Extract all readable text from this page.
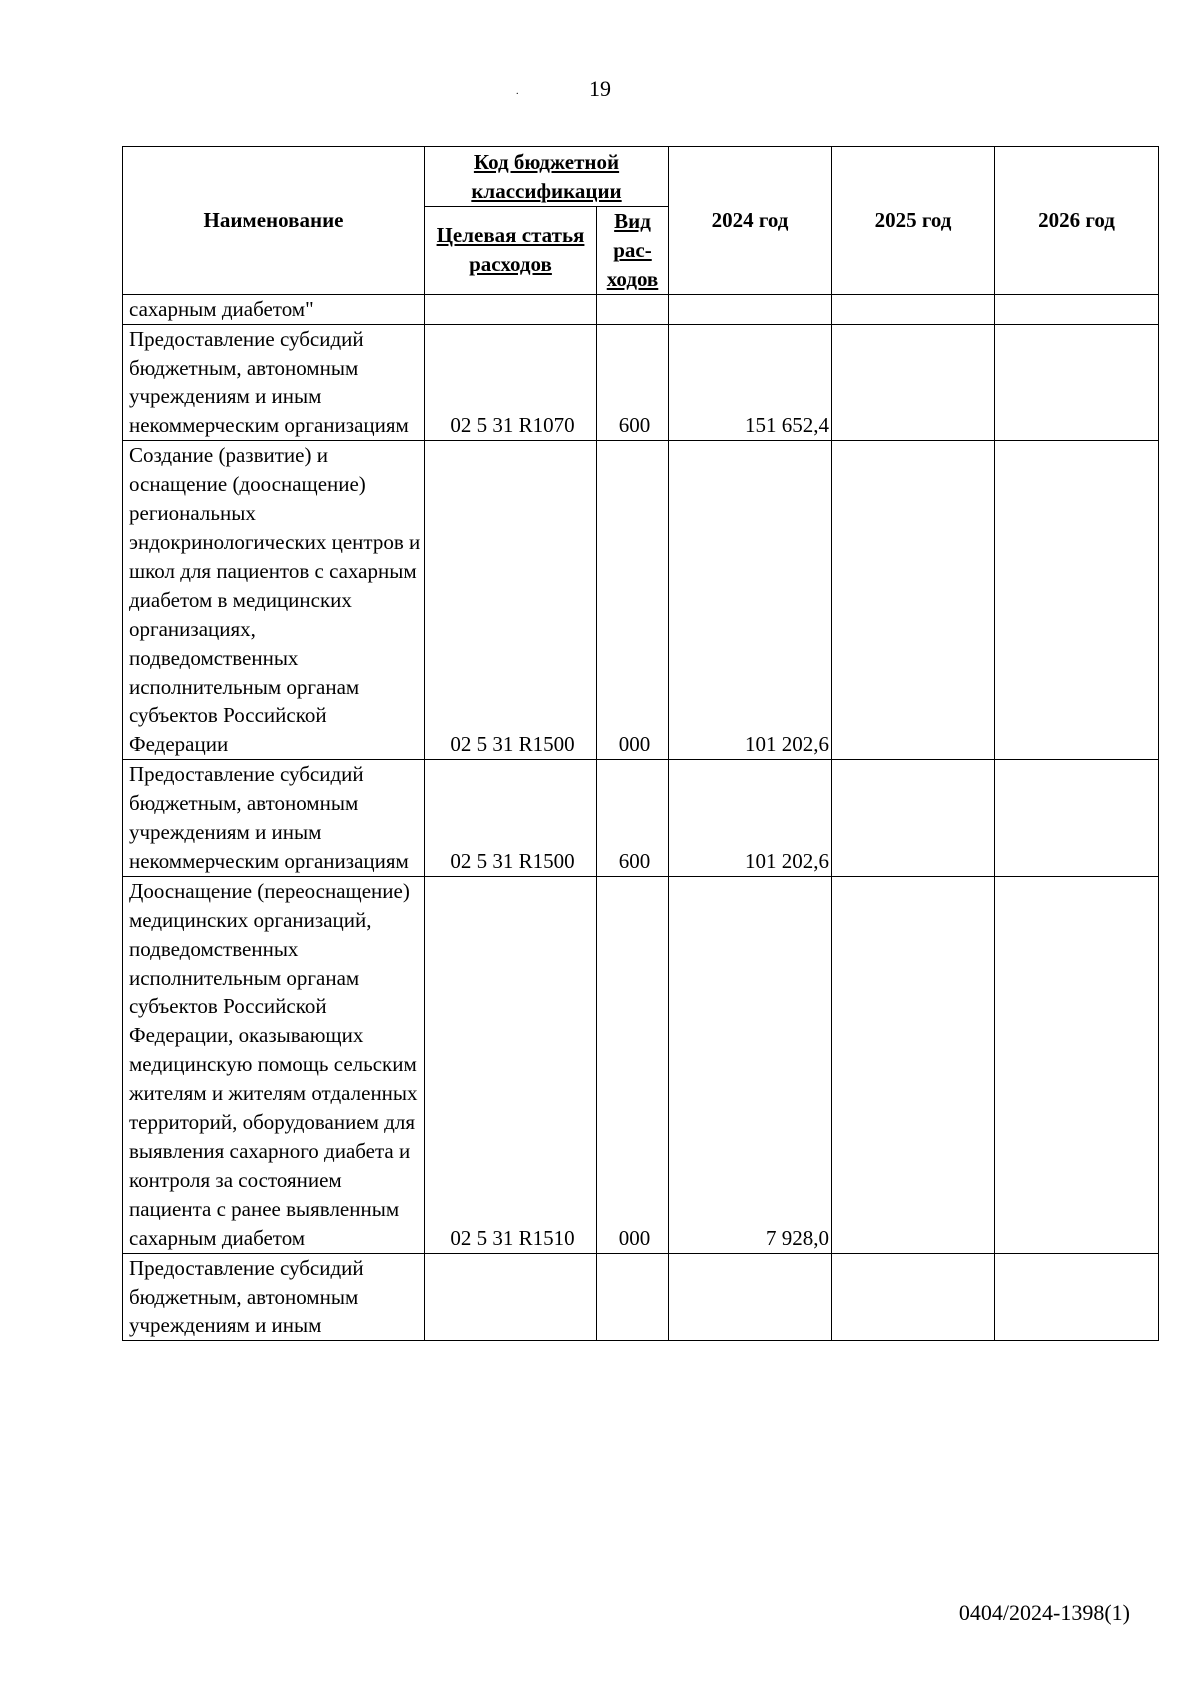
19
.
Наименование	Код бюджетной классификации		2024 год	2025 год	2026 год
	Целевая статья расходов	Вид рас-ходов			
сахарным диабетом"					
Предоставление субсидий бюджетным, автономным учреждениям и иным некоммерческим организациям	02 5 31 R1070	600	151 652,4		
Создание (развитие) и оснащение (дооснащение) региональных эндокринологических центров и школ для пациентов с сахарным диабетом в медицинских организациях, подведомственных исполнительным органам субъектов Российской Федерации	02 5 31 R1500	000	101 202,6		
Предоставление субсидий бюджетным, автономным учреждениям и иным некоммерческим организациям	02 5 31 R1500	600	101 202,6		
Дооснащение (переоснащение) медицинских организаций, подведомственных исполнительным органам субъектов Российской Федерации, оказывающих медицинскую помощь сельским жителям и жителям отдаленных территорий, оборудованием для выявления сахарного диабета и контроля за состоянием пациента с ранее выявленным сахарным диабетом	02 5 31 R1510	000	7 928,0		
Предоставление субсидий бюджетным, автономным учреждениям и иным					
0404/2024-1398(1)
